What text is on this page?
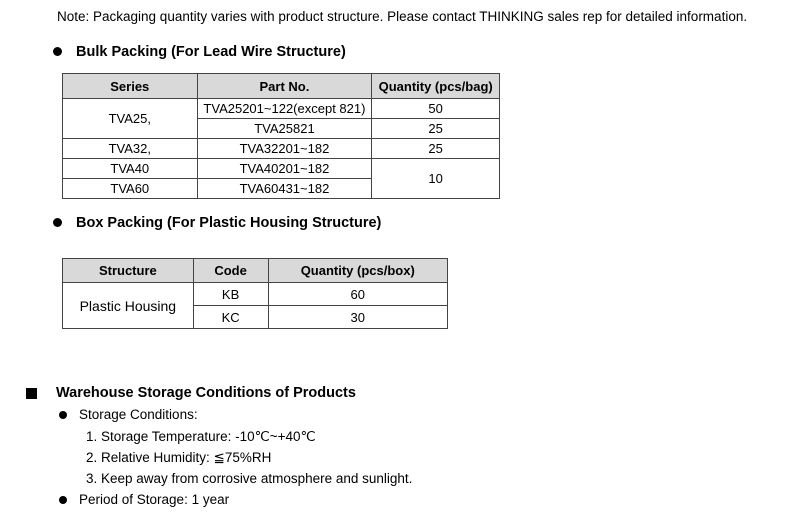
Note: Packaging quantity varies with product structure. Please contact THINKING sales rep for detailed information.
Bulk Packing (For Lead Wire Structure)
Series	Part No.	Quantity (pcs/bag)
TVA25,	TVA25201~122(except 821)	50
	TVA25821	25
TVA32,	TVA32201~182	25
TVA40	TVA40201~182	10
TVA60	TVA60431~182	
Box Packing (For Plastic Housing Structure)
Structure	Code	Quantity (pcs/box)
Plastic Housing	KB	60
	KC	30
Warehouse Storage Conditions of Products
Storage Conditions:
1. Storage Temperature: -10℃~+40℃
2. Relative Humidity: ≦75%RH
3. Keep away from corrosive atmosphere and sunlight.
Period of Storage: 1 year
